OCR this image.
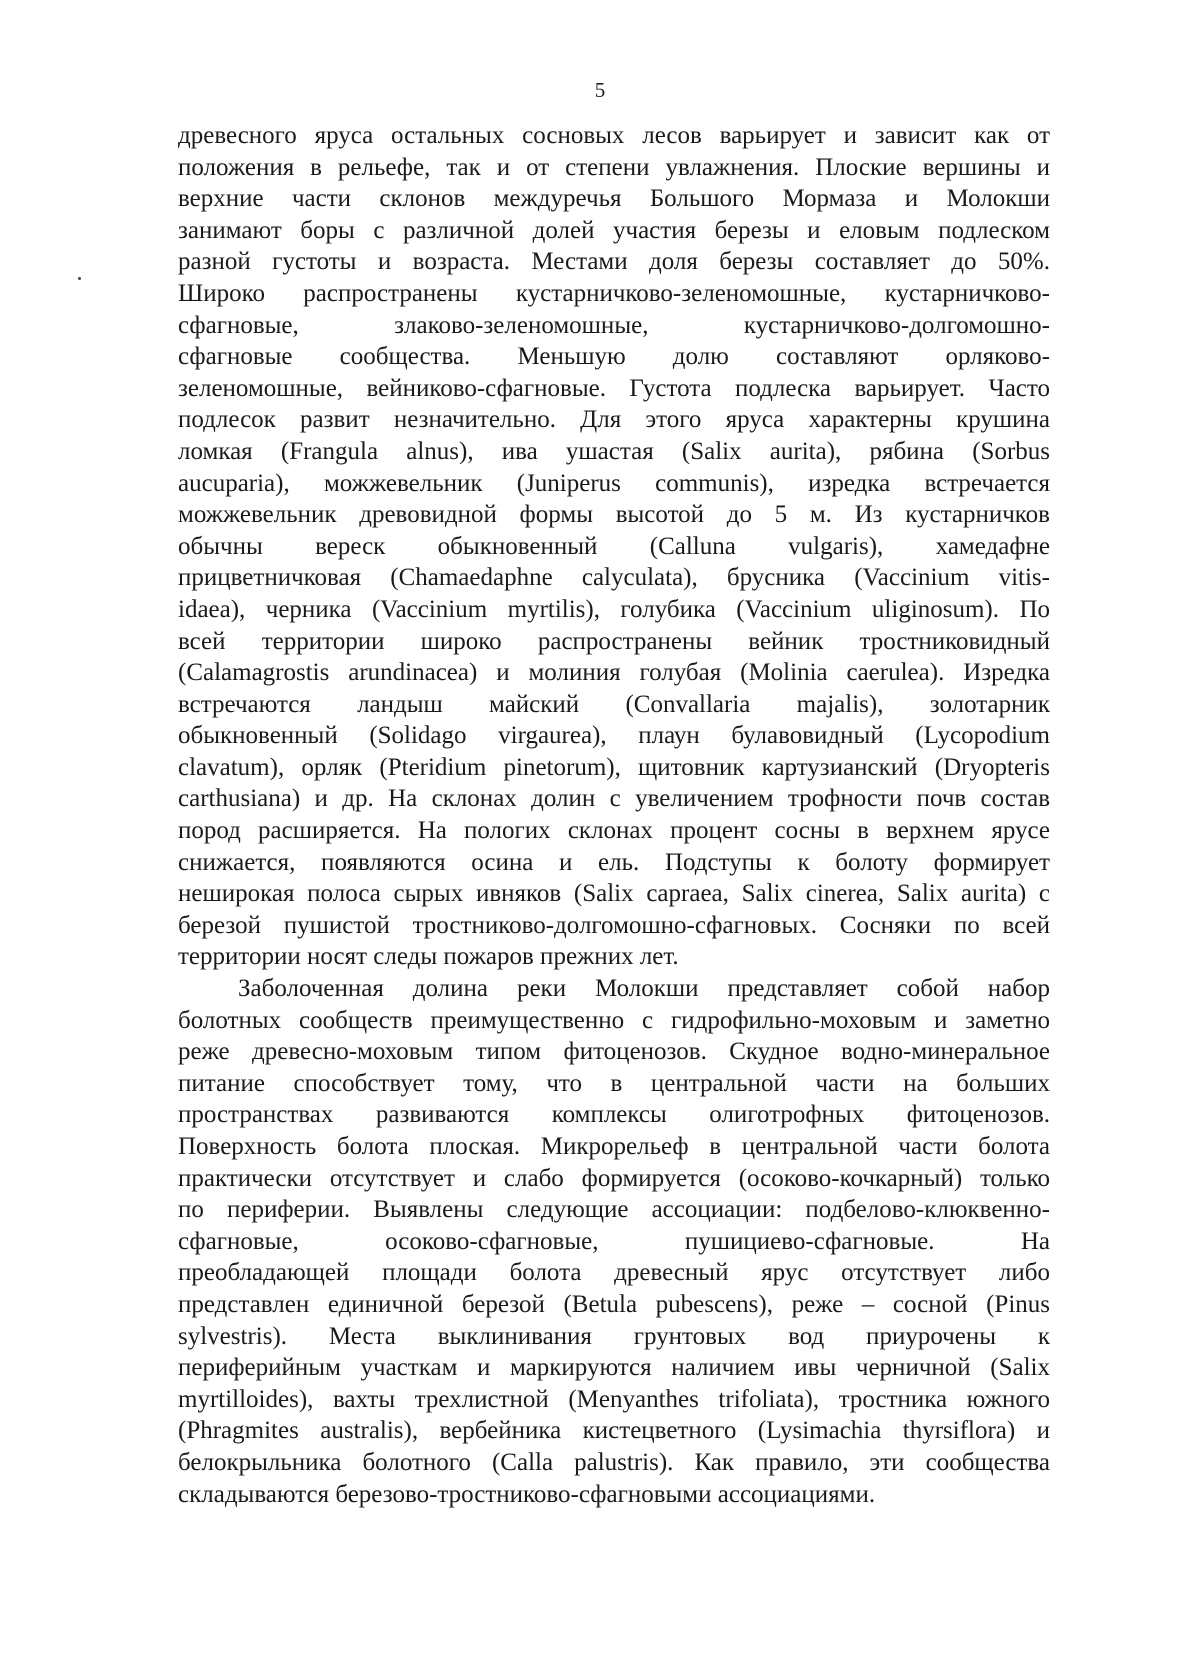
5
древесного яруса остальных сосновых лесов варьирует и зависит как от
положения в рельефе, так и от степени увлажнения. Плоские вершины и
верхние части склонов междуречья Большого Мормаза и Молокши
занимают боры с различной долей участия березы и еловым подлеском
разной густоты и возраста. Местами доля березы составляет до 50%.
Широко распространены кустарничково-зеленомошные, кустарничково-
сфагновые, злаково-зеленомошные, кустарничково-долгомошно-
сфагновые сообщества. Меньшую долю составляют орляково-
зеленомошные, вейниково-сфагновые. Густота подлеска варьирует. Часто
подлесок развит незначительно. Для этого яруса характерны крушина
ломкая (Frangula alnus), ива ушастая (Salix aurita), рябина (Sorbus
aucuparia), можжевельник (Juniperus communis), изредка встречается
можжевельник древовидной формы высотой до 5 м. Из кустарничков
обычны вереск обыкновенный (Calluna vulgaris), хамедафне
прицветничковая (Chamaedaphne calyculata), брусника (Vaccinium vitis-
idaea), черника (Vaccinium myrtilis), голубика (Vaccinium uliginosum). По
всей территории широко распространены вейник тростниковидный
(Calamagrostis arundinacea) и молиния голубая (Molinia caerulea). Изредка
встречаются ландыш майский (Convallaria majalis), золотарник
обыкновенный (Solidago virgaurea), плаун булавовидный (Lycopodium
clavatum), орляк (Pteridium pinetorum), щитовник картузианский (Dryopteris
carthusiana) и др. На склонах долин с увеличением трофности почв состав
пород расширяется. На пологих склонах процент сосны в верхнем ярусе
снижается, появляются осина и ель. Подступы к болоту формирует
неширокая полоса сырых ивняков (Salix capraea, Salix cinerea, Salix aurita) с
березой пушистой тростниково-долгомошно-сфагновых. Сосняки по всей
территории носят следы пожаров прежних лет.
Заболоченная долина реки Молокши представляет собой набор
болотных сообществ преимущественно с гидрофильно-моховым и заметно
реже древесно-моховым типом фитоценозов. Скудное водно-минеральное
питание способствует тому, что в центральной части на больших
пространствах развиваются комплексы олиготрофных фитоценозов.
Поверхность болота плоская. Микрорельеф в центральной части болота
практически отсутствует и слабо формируется (осоково-кочкарный) только
по периферии. Выявлены следующие ассоциации: подбелово-клюквенно-
сфагновые, осоково-сфагновые, пушициево-сфагновые. На
преобладающей площади болота древесный ярус отсутствует либо
представлен единичной березой (Betula pubescens), реже – сосной (Pinus
sylvestris). Места выклинивания грунтовых вод приурочены к
периферийным участкам и маркируются наличием ивы черничной (Salix
myrtilloides), вахты трехлистной (Menyanthes trifoliata), тростника южного
(Phragmites australis), вербейника кистецветного (Lysimachia thyrsiflora) и
белокрыльника болотного (Calla palustris). Как правило, эти сообщества
складываются березово-тростниково-сфагновыми ассоциациями.
